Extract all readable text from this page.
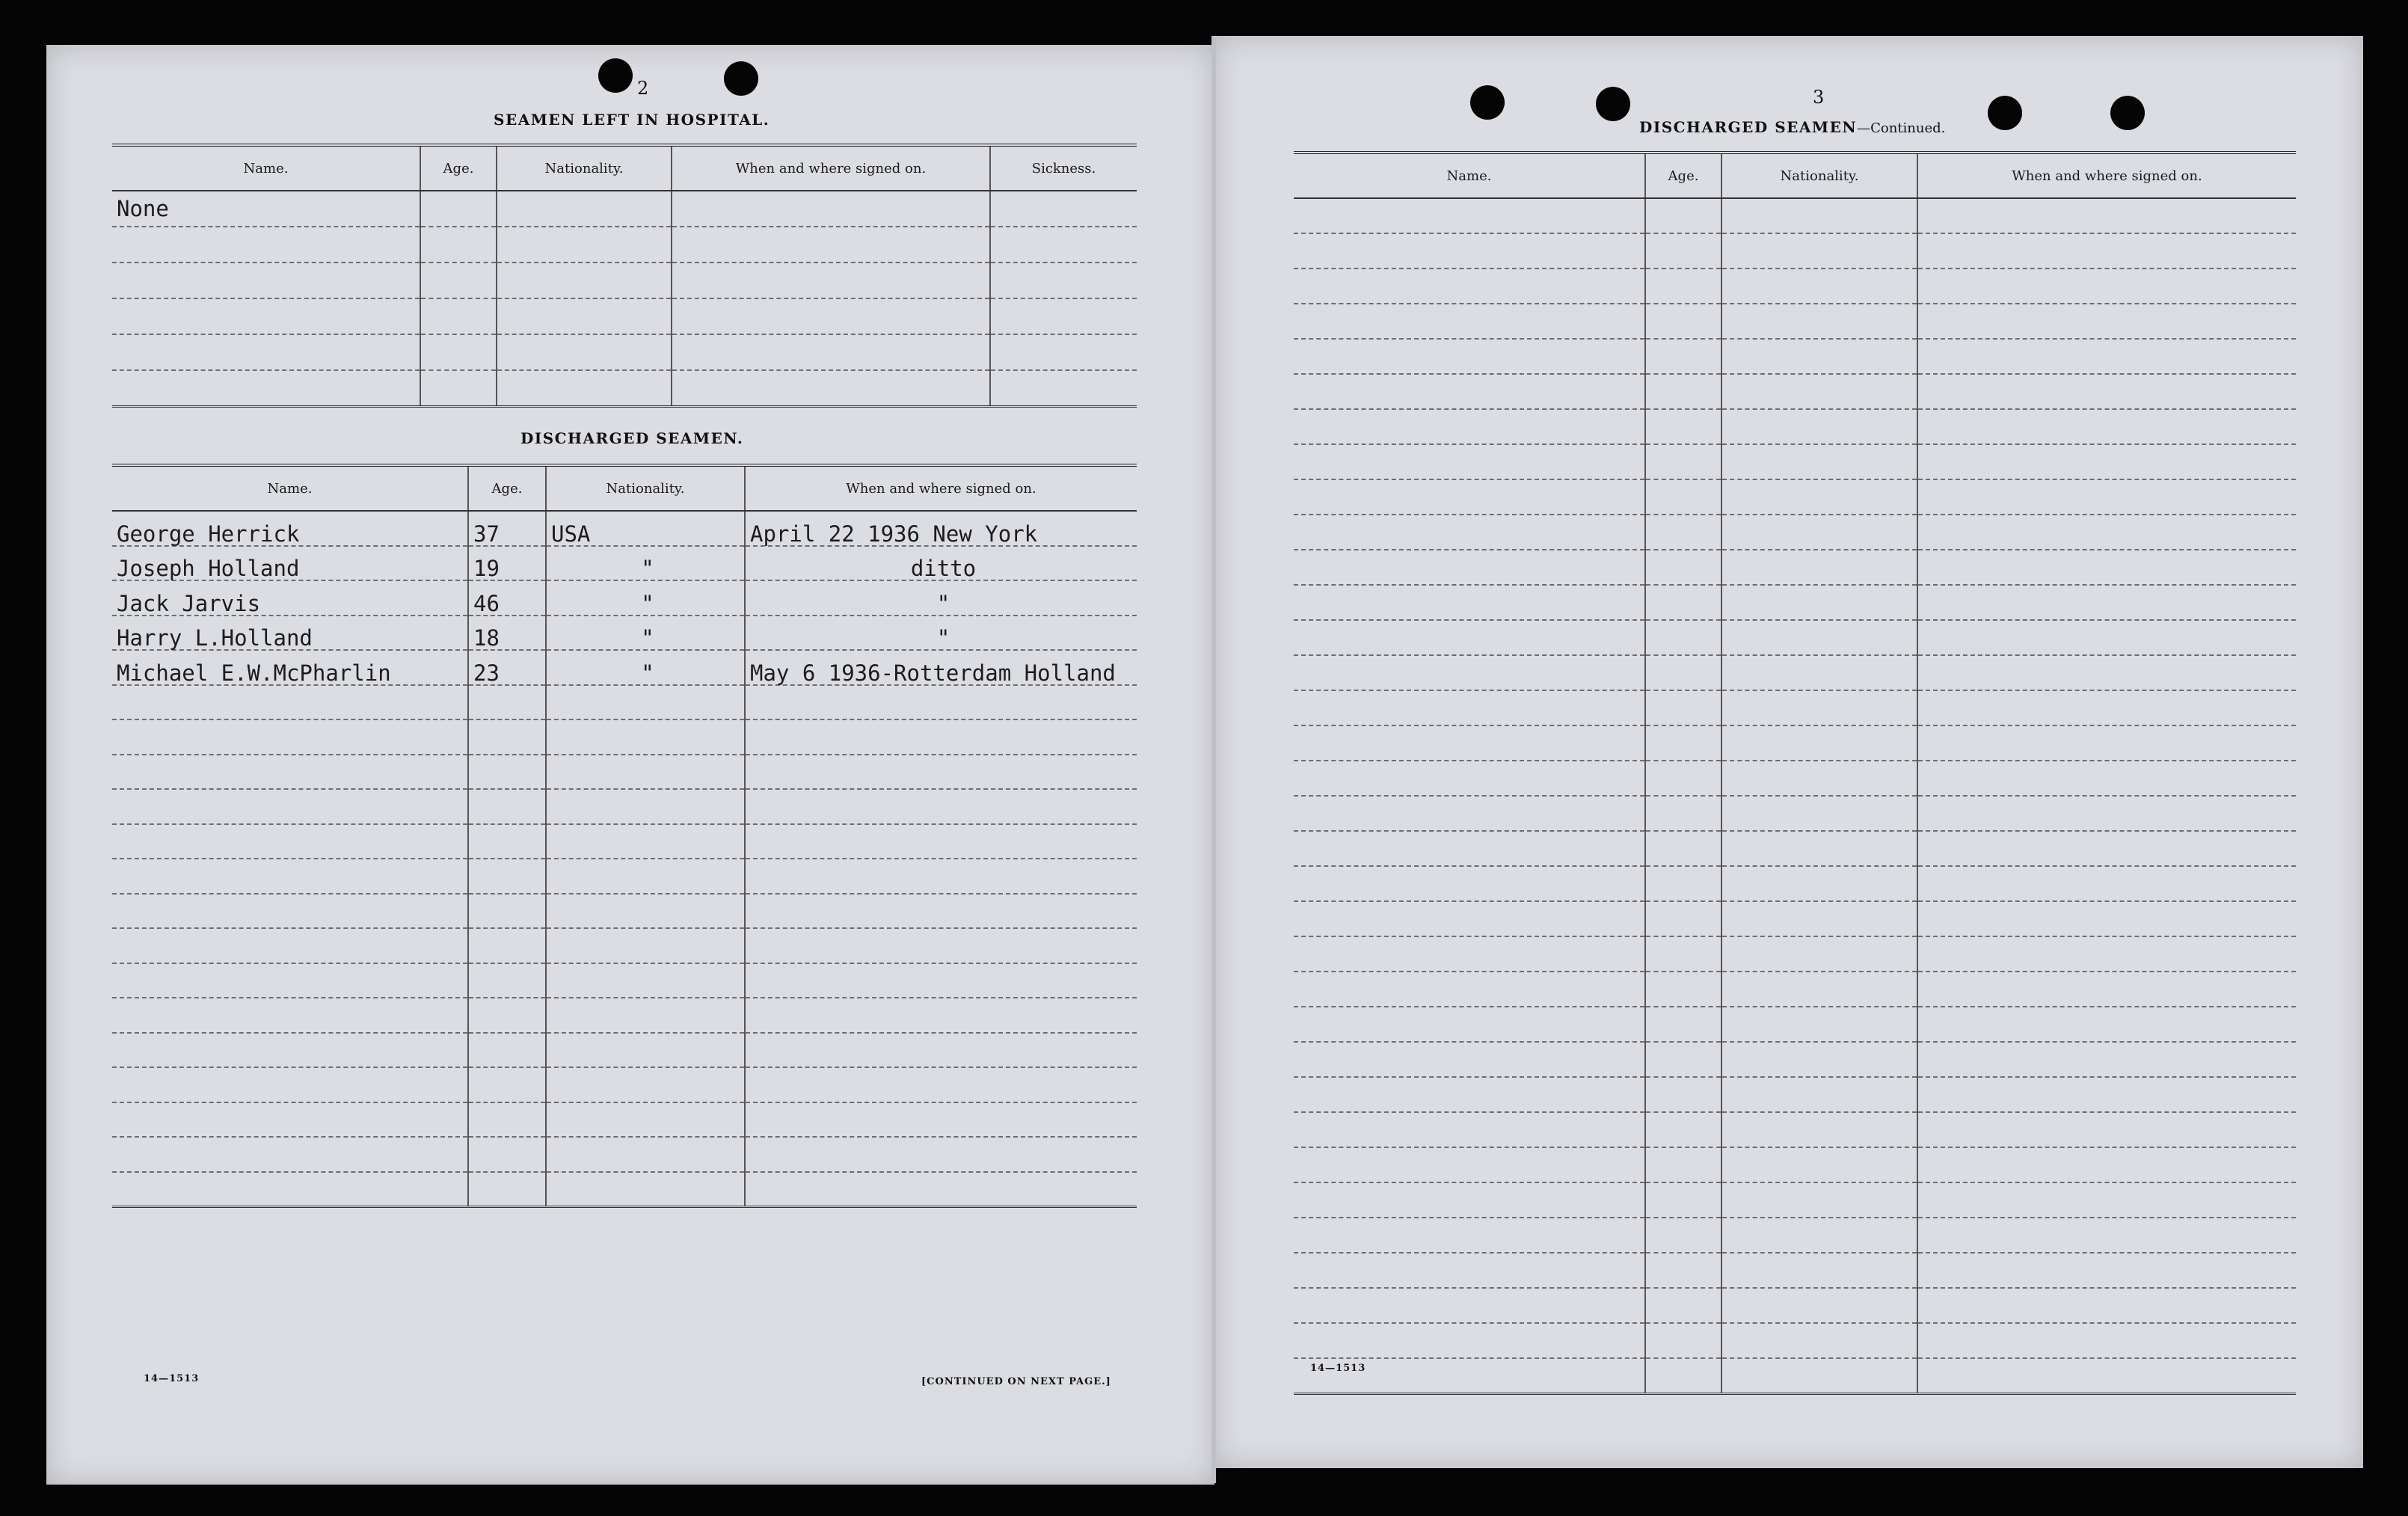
2
SEAMEN LEFT IN HOSPITAL.
Name.	Age.	Nationality.	When and where signed on.	Sickness.
None				

DISCHARGED SEAMEN.
Name.	Age.	Nationality.	When and where signed on.
George Herrick	37	USA	April 22 1936 New York
Joseph Holland	19	"	ditto
Jack Jarvis	46	"	"
Harry L.Holland	18	"	"
Michael E.W.McPharlin	23	"	May 6 1936-Rotterdam Holland

14—1513	[CONTINUED ON NEXT PAGE.]
3
DISCHARGED SEAMEN—Continued.
Name.	Age.	Nationality.	When and where signed on.

14—1513
